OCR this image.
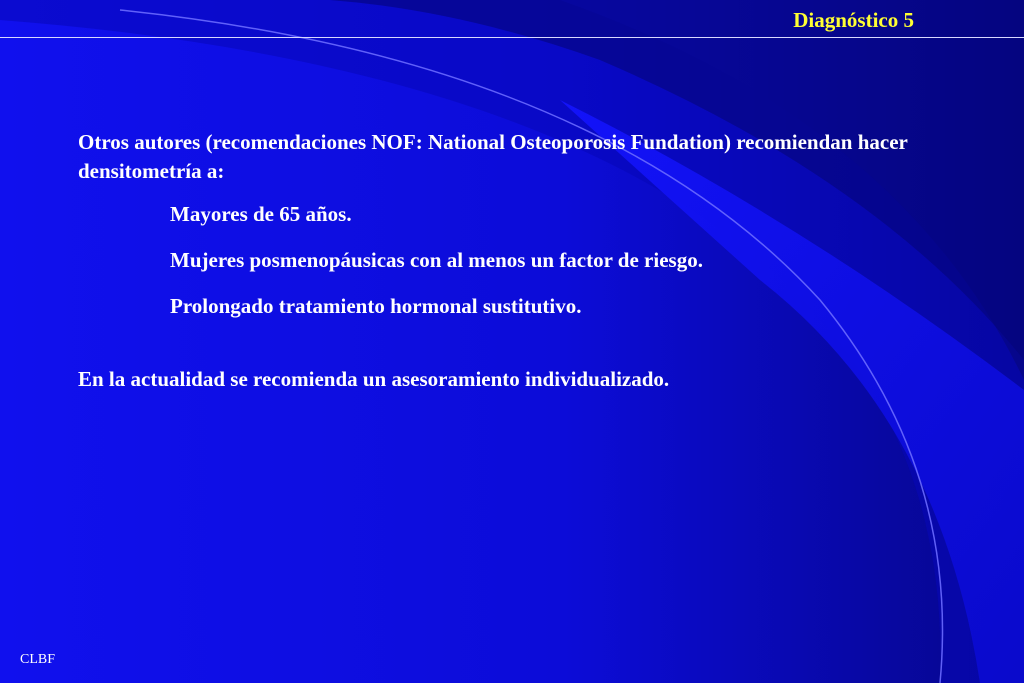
Diagnóstico 5

Otros autores (recomendaciones NOF: National Osteoporosis Fundation) recomiendan hacer densitometría a:

Mayores de 65 años.
Mujeres posmenopáusicas con al menos un factor de riesgo.
Prolongado tratamiento hormonal sustitutivo.

En la actualidad se recomienda un asesoramiento individualizado.

CLBF
